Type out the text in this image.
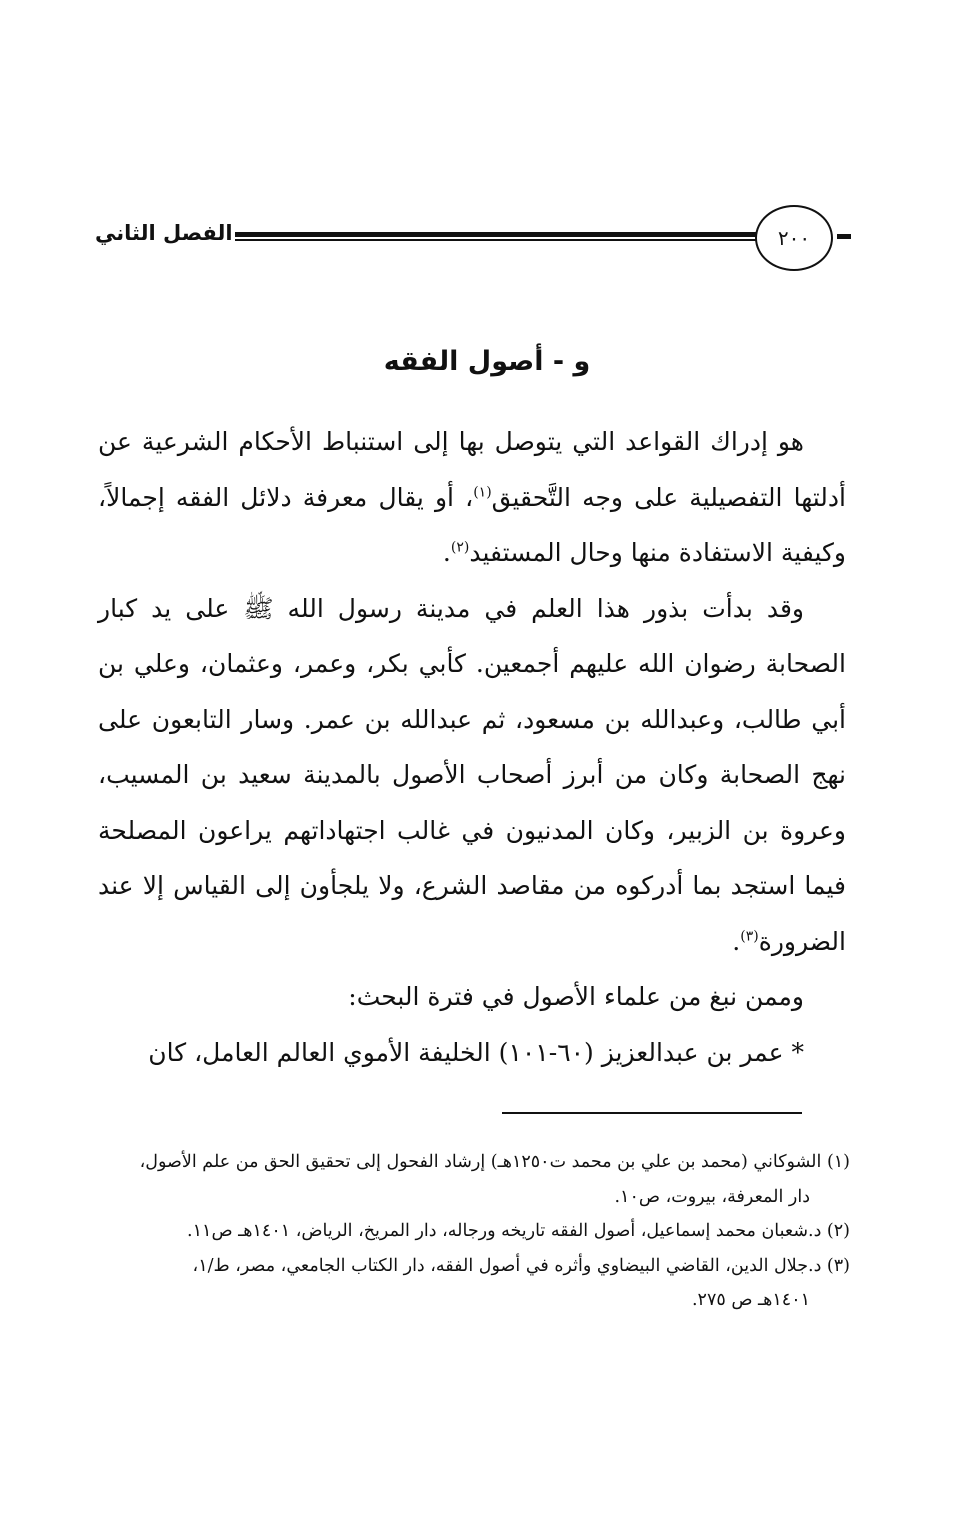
الفصل الثاني	٢٠٠
و - أصول الفقه

هو إدراك القواعد التي يتوصل بها إلى استنباط الأحكام الشرعية عن أدلتها التفصيلية على وجه التَّحقيق$^{(١)}$، أو يقال معرفة دلائل الفقه إجمالاً، وكيفية الاستفادة منها وحال المستفيد$^{(٢)}$.

وقد بدأت بذور هذا العلم في مدينة رسول الله ﷺ على يد كبار الصحابة رضوان الله عليهم أجمعين. كأبي بكر، وعمر، وعثمان، وعلي بن أبي طالب، وعبدالله بن مسعود، ثم عبدالله بن عمر. وسار التابعون على نهج الصحابة وكان من أبرز أصحاب الأصول بالمدينة سعيد بن المسيب، وعروة بن الزبير، وكان المدنيون في غالب اجتهاداتهم يراعون المصلحة فيما استجد بما أدركوه من مقاصد الشرع، ولا يلجأون إلى القياس إلا عند الضرورة$^{(٣)}$.

وممن نبغ من علماء الأصول في فترة البحث:

* عمر بن عبدالعزيز (٦٠-١٠١) الخليفة الأموي العالم العامل، كان

(١) الشوكاني (محمد بن علي بن محمد ت١٢٥٠هـ) إرشاد الفحول إلى تحقيق الحق من علم الأصول،

دار المعرفة، بيروت، ص١٠.

(٢) د.شعبان محمد إسماعيل، أصول الفقه تاريخه ورجاله، دار المريخ، الرياض، ١٤٠١هـ ص١١.

(٣) د.جلال الدين، القاضي البيضاوي وأثره في أصول الفقه، دار الكتاب الجامعي، مصر، ط/١،

١٤٠١هـ ص ٢٧٥.
